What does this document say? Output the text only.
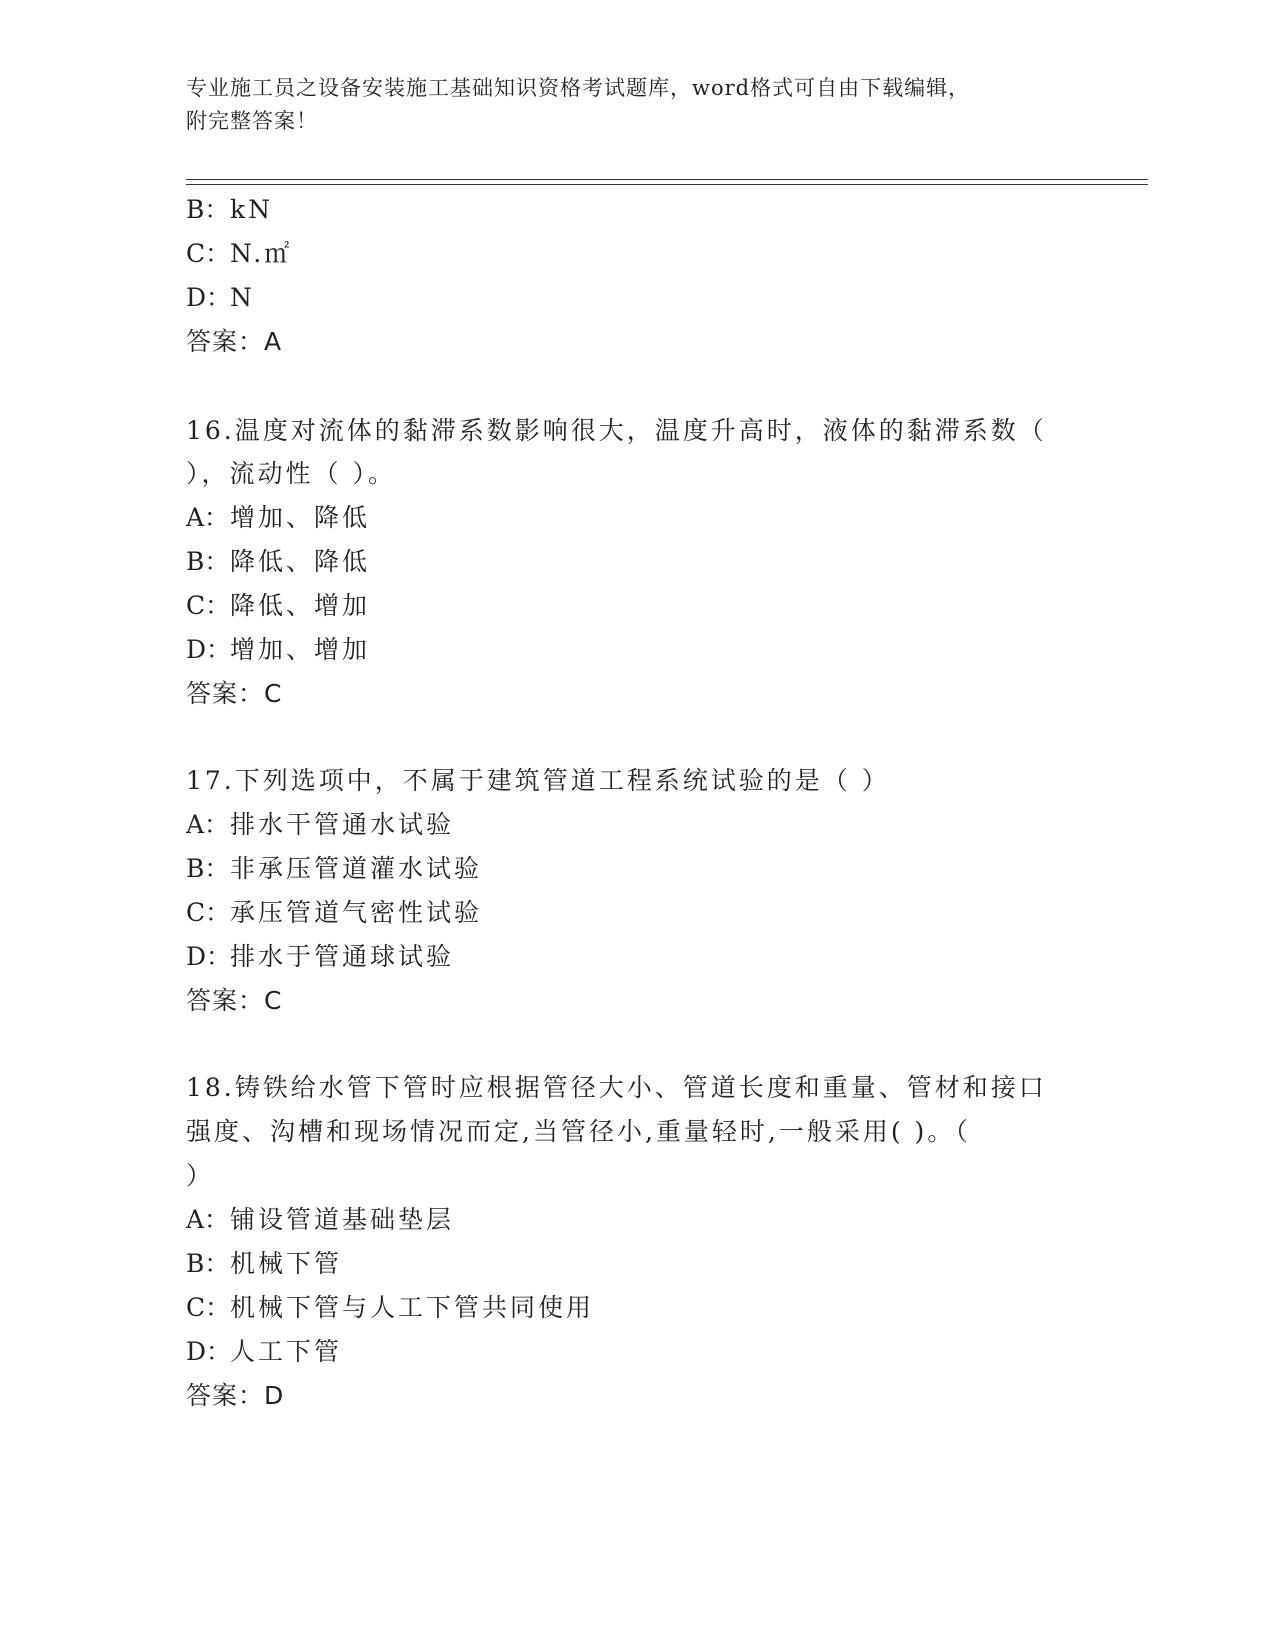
专业施工员之设备安装施工基础知识资格考试题库，word格式可自由下载编辑，
附完整答案！
B：kN
C：N.㎡
D：N
答案：A
16.温度对流体的黏滞系数影响很大，温度升高时，液体的黏滞系数（
），流动性（ ）。
A：增加、降低
B：降低、降低
C：降低、增加
D：增加、增加
答案：C
17.下列选项中，不属于建筑管道工程系统试验的是（ ）
A：排水干管通水试验
B：非承压管道灌水试验
C：承压管道气密性试验
D：排水于管通球试验
答案：C
18.铸铁给水管下管时应根据管径大小、管道长度和重量、管材和接口
强度、沟槽和现场情况而定,当管径小,重量轻时,一般采用( )。（
）
A：铺设管道基础垫层
B：机械下管
C：机械下管与人工下管共同使用
D：人工下管
答案：D
